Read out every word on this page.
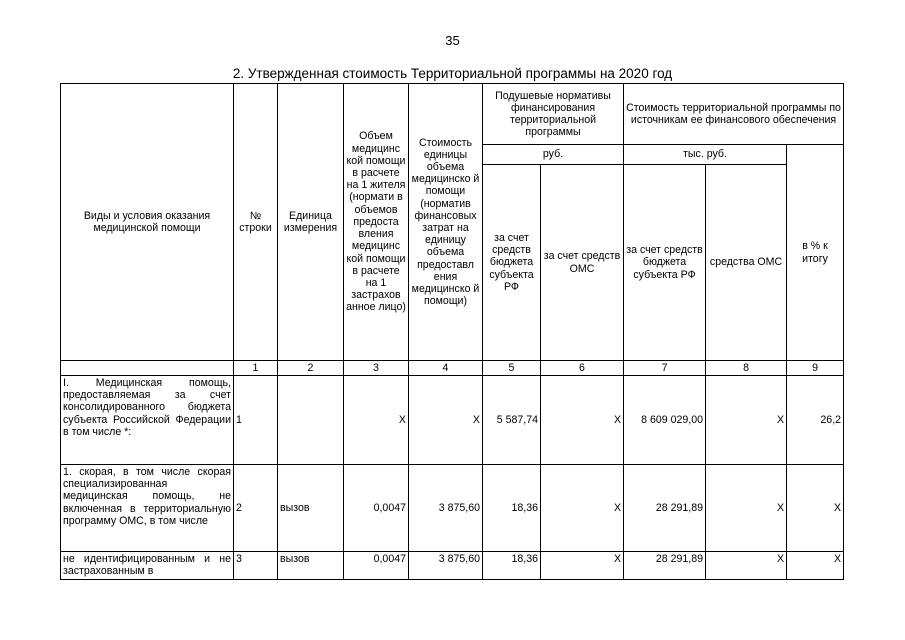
35
2. Утвержденная стоимость Территориальной программы на 2020 год
Виды и условия оказания медицинской помощи	№ строки	Единица измерения	Объем медицинс кой помощи в расчете на 1 жителя (нормати в объемов предоста вления медицинс кой помощи в расчете на 1 застрахов анное лицо)	Стоимость единицы объема медицинско й помощи (норматив финансовых затрат на единицу объема предоставл ения медицинско й помощи)	Подушевые нормативы финансирования территориальной программы		Стоимость территориальной программы по источникам ее финансового обеспечения		
					руб.		тыс. руб.		в % к итогу
					за счет средств бюджета субъекта РФ	за счет средств ОМС	за счет средств бюджета субъекта РФ	средства ОМС	
	1	2	3	4	5	6	7	8	9
I. Медицинская помощь, предоставляемая за счет консолидированного бюджета субъекта Российской Федерации в том числе *:	1		X	X	5 587,74	X	8 609 029,00	X	26,2
1. скорая, в том числе скорая специализированная медицинская помощь, не включенная в территориальную программу ОМС, в том числе	2	вызов	0,0047	3 875,60	18,36	X	28 291,89	X	X
не идентифицированным и не застрахованным в	3	вызов	0,0047	3 875,60	18,36	X	28 291,89	X	X
